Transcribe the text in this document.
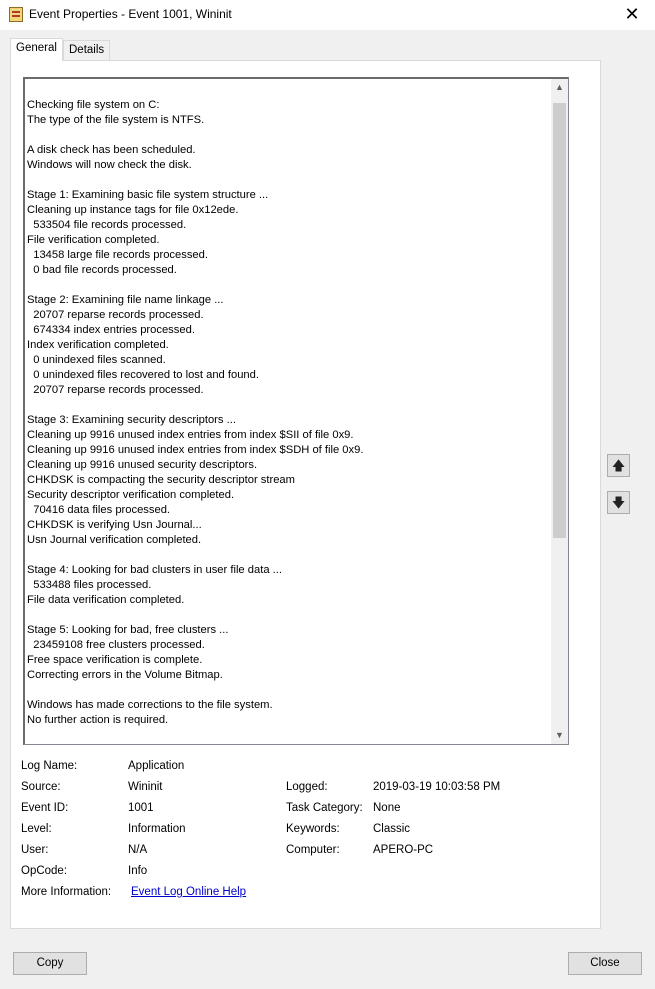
Event Properties - Event 1001, Wininit	✕
General	Details
Checking file system on C:
The type of the file system is NTFS.

A disk check has been scheduled.
Windows will now check the disk.

Stage 1: Examining basic file system structure ...
Cleaning up instance tags for file 0x12ede.
533504 file records processed.
File verification completed.
13458 large file records processed.
0 bad file records processed.

Stage 2: Examining file name linkage ...
20707 reparse records processed.
674334 index entries processed.
Index verification completed.
0 unindexed files scanned.
0 unindexed files recovered to lost and found.
20707 reparse records processed.

Stage 3: Examining security descriptors ...
Cleaning up 9916 unused index entries from index $SII of file 0x9.
Cleaning up 9916 unused index entries from index $SDH of file 0x9.
Cleaning up 9916 unused security descriptors.
CHKDSK is compacting the security descriptor stream
Security descriptor verification completed.
70416 data files processed.
CHKDSK is verifying Usn Journal...
Usn Journal verification completed.

Stage 4: Looking for bad clusters in user file data ...
533488 files processed.
File data verification completed.

Stage 5: Looking for bad, free clusters ...
23459108 free clusters processed.
Free space verification is complete.
Correcting errors in the Volume Bitmap.

Windows has made corrections to the file system.
No further action is required.
▲
▼
🡅
🡇
Log Name:	Application
Source:	Wininit	Logged:	2019-03-19 10:03:58 PM
Event ID:	1001	Task Category: None
Level:	Information	Keywords:	Classic
User:	N/A	Computer:	APERO-PC
OpCode:	Info
More Information: Event Log Online Help
Copy	Close
